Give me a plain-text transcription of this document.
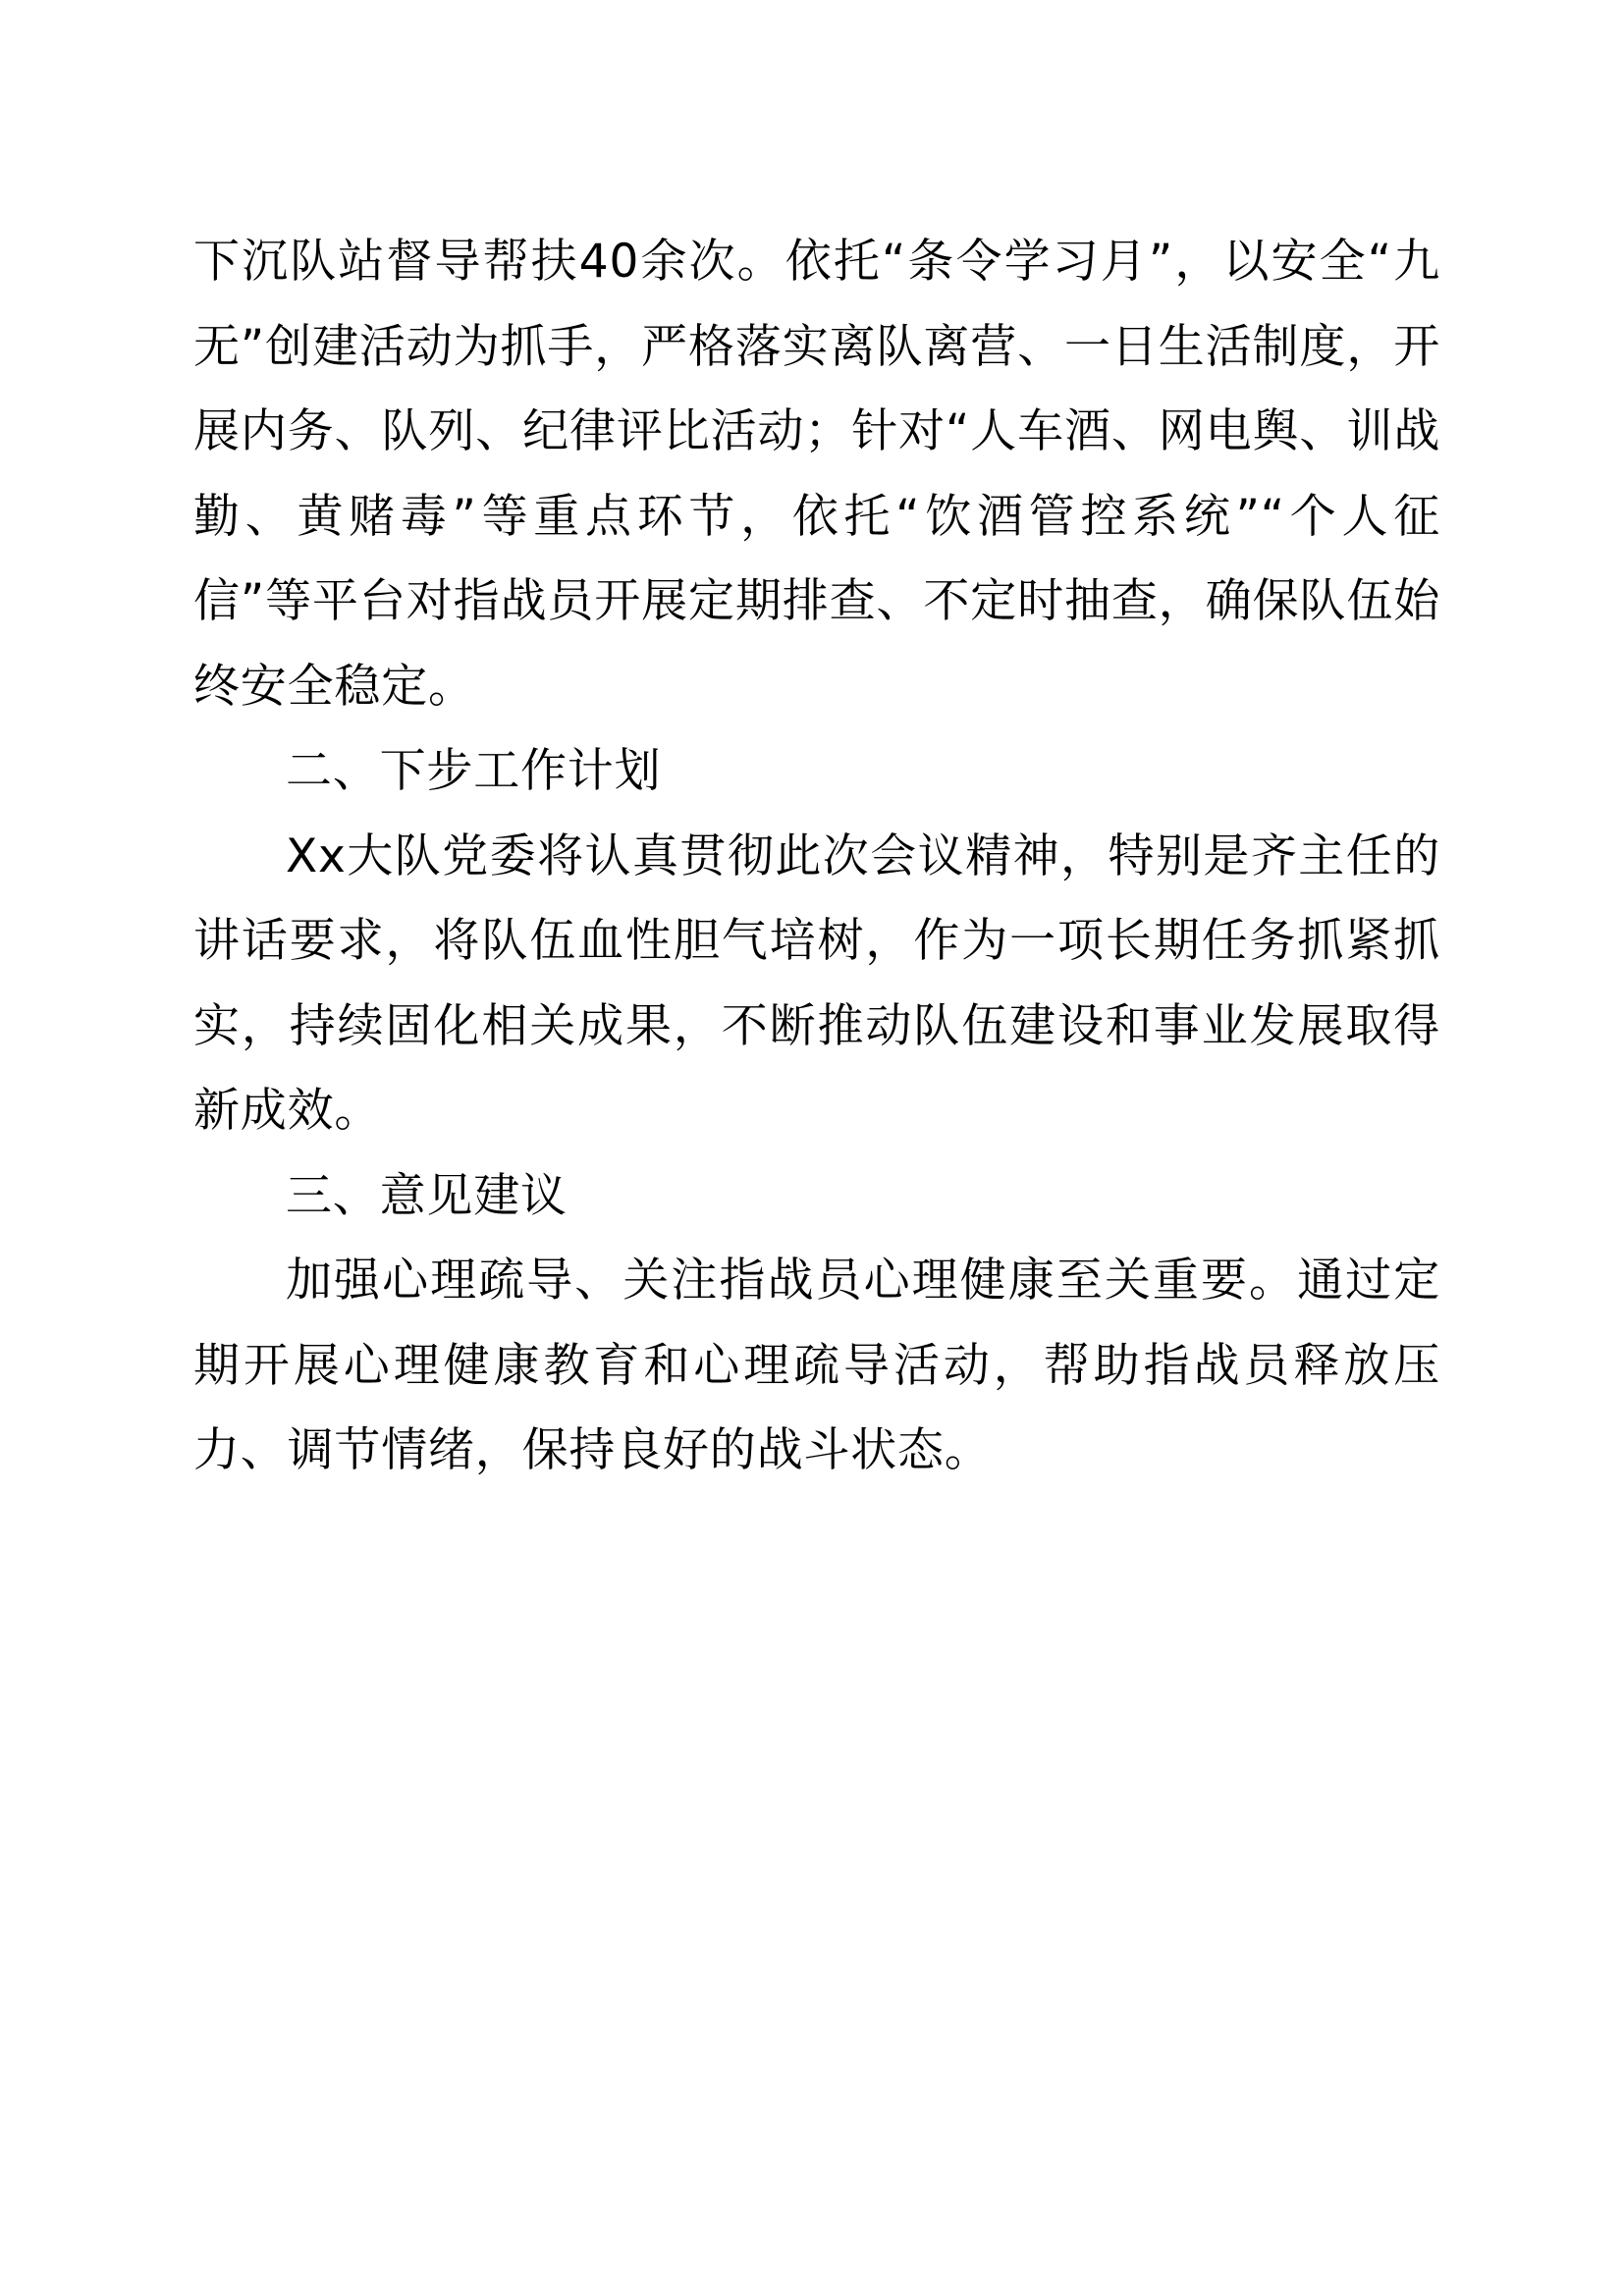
下沉队站督导帮扶40余次。依托“条令学习月”，以安全“九无”创建活动为抓手，严格落实离队离营、一日生活制度，开展内务、队列、纪律评比活动；针对“人车酒、网电舆、训战勤、黄赌毒”等重点环节，依托“饮酒管控系统”“个人征信”等平台对指战员开展定期排查、不定时抽查，确保队伍始终安全稳定。

二、下步工作计划

Xx大队党委将认真贯彻此次会议精神，特别是齐主任的讲话要求，将队伍血性胆气培树，作为一项长期任务抓紧抓实，持续固化相关成果，不断推动队伍建设和事业发展取得新成效。

三、意见建议

加强心理疏导、关注指战员心理健康至关重要。通过定期开展心理健康教育和心理疏导活动，帮助指战员释放压力、调节情绪，保持良好的战斗状态。
